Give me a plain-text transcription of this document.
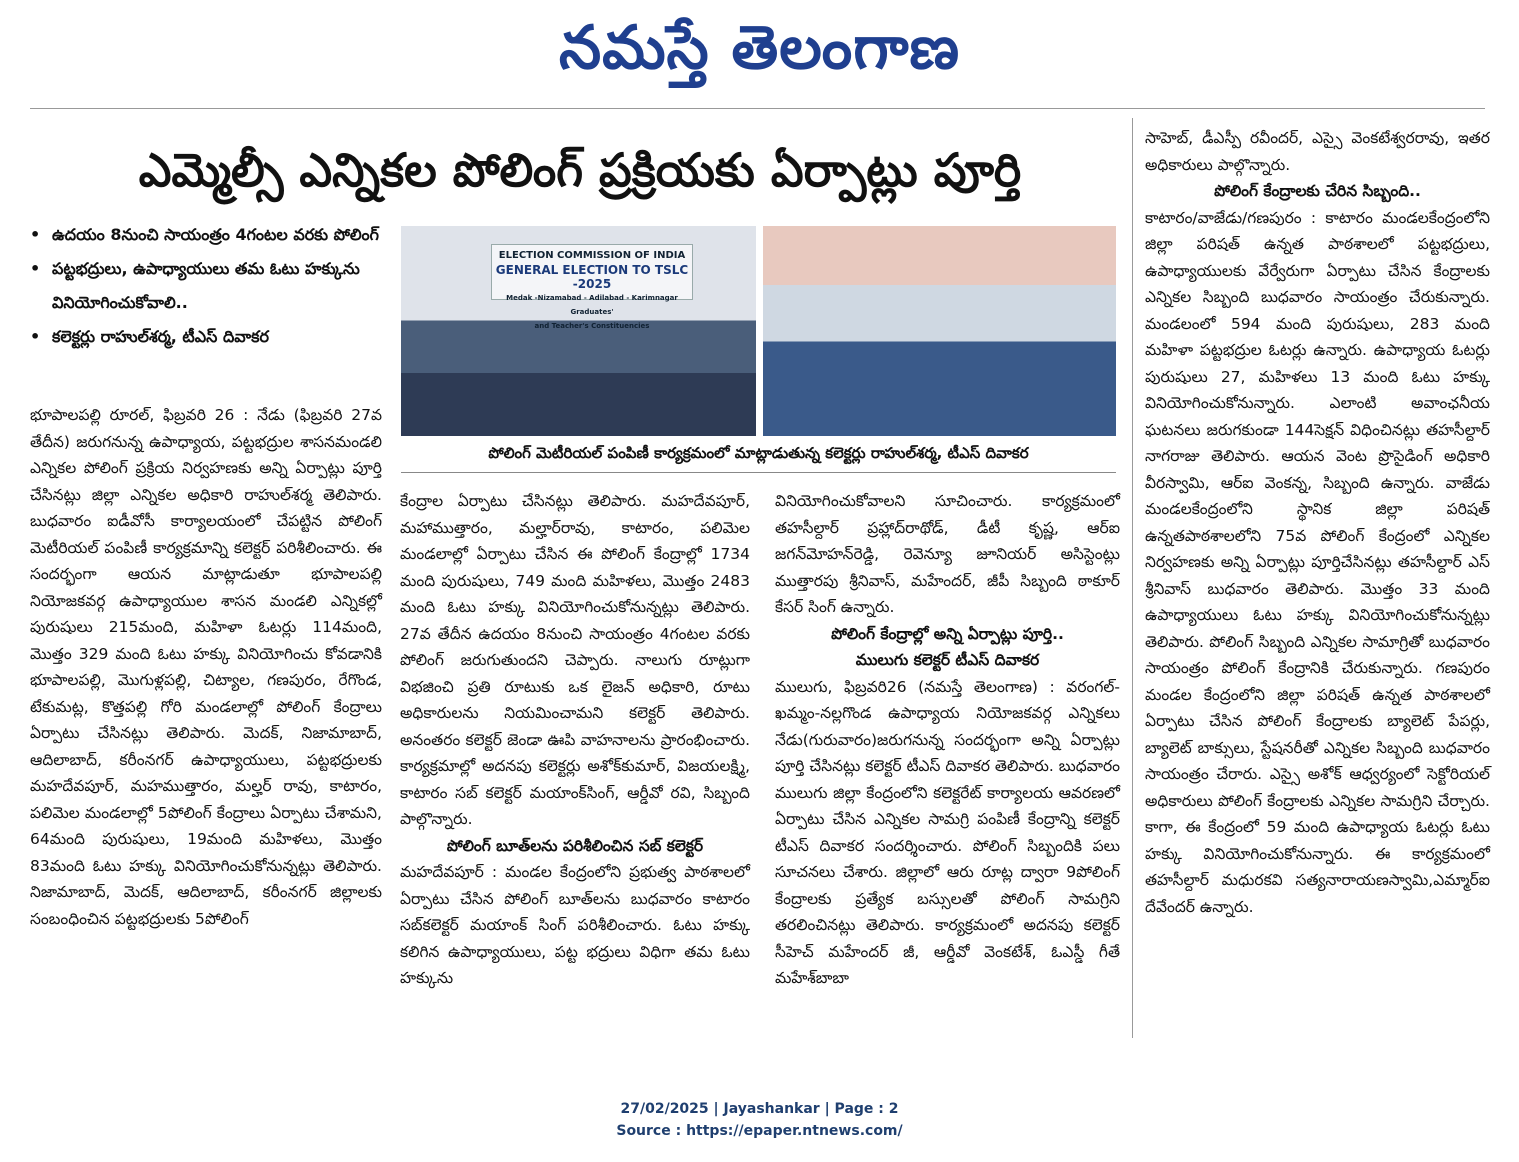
నమస్తే తెలంగాణ
ఎమ్మెల్సీ ఎన్నికల పోలింగ్ ప్రక్రియకు ఏర్పాట్లు పూర్తి
• ఉదయం 8నుంచి సాయంత్రం 4గంటల వరకు పోలింగ్
• పట్టభద్రులు, ఉపాధ్యాయులు తమ ఓటు హక్కును వినియోగించుకోవాలి..
• కలెక్టర్లు రాహుల్‌శర్మ, టీఎస్ దివాకర
ELECTION COMMISSION OF INDIA
GENERAL ELECTION TO TSLC -2025
Medak -Nizamabad - Adilabad - Karimnagar Graduates'
and Teacher's Constituencies
పోలింగ్ మెటీరియల్ పంపిణీ కార్యక్రమంలో మాట్లాడుతున్న కలెక్టర్లు రాహుల్‌శర్మ, టీఎస్ దివాకర
భూపాలపల్లి రూరల్, ఫిబ్రవరి 26 : నేడు (ఫిబ్రవరి 27వ తేదీన) జరుగనున్న ఉపాధ్యాయ, పట్టభద్రుల శాసనమండలి ఎన్నికల పోలింగ్ ప్రక్రియ నిర్వహణకు అన్ని ఏర్పాట్లు పూర్తి చేసినట్లు జిల్లా ఎన్నికల అధికారి రాహుల్‌శర్మ తెలిపారు. బుధవారం ఐడీవోసీ కార్యాలయంలో చేపట్టిన పోలింగ్ మెటీరియల్ పంపిణీ కార్యక్రమాన్ని కలెక్టర్ పరిశీలించారు. ఈ సందర్భంగా ఆయన మాట్లాడుతూ భూపాలపల్లి నియోజకవర్గ ఉపాధ్యాయుల శాసన మండలి ఎన్నికల్లో పురుషులు 215మంది, మహిళా ఓటర్లు 114మంది, మొత్తం 329 మంది ఓటు హక్కు వినియోగించు కోవడానికి భూపాలపల్లి, మొగుళ్లపల్లి, చిట్యాల, గణపురం, రేగొండ, టేకుమట్ల, కొత్తపల్లి గోరి మండలాల్లో పోలింగ్ కేంద్రాలు ఏర్పాటు చేసినట్లు తెలిపారు. మెదక్, నిజామాబాద్, ఆదిలాబాద్, కరీంనగర్ ఉపాధ్యాయులు, పట్టభద్రులకు మహదేవపూర్, మహముత్తారం, మల్హర్ రావు, కాటారం, పలిమెల మండలాల్లో 5పోలింగ్ కేంద్రాలు ఏర్పాటు చేశామని, 64మంది పురుషులు, 19మంది మహిళలు, మొత్తం 83మంది ఓటు హక్కు వినియోగించుకోనున్నట్లు తెలిపారు. నిజామాబాద్, మెదక్, ఆదిలాబాద్, కరీంనగర్ జిల్లాలకు సంబంధించిన పట్టభద్రులకు 5పోలింగ్
కేంద్రాల ఏర్పాటు చేసినట్లు తెలిపారు. మహదేవపూర్, మహాముత్తారం, మల్హార్‌రావు, కాటారం, పలిమెల మండలాల్లో ఏర్పాటు చేసిన ఈ పోలింగ్ కేంద్రాల్లో 1734 మంది పురుషులు, 749 మంది మహిళలు, మొత్తం 2483 మంది ఓటు హక్కు వినియోగించుకోనున్నట్లు తెలిపారు. 27వ తేదీన ఉదయం 8నుంచి సాయంత్రం 4గంటల వరకు పోలింగ్ జరుగుతుందని చెప్పారు. నాలుగు రూట్లుగా విభజించి ప్రతి రూటుకు ఒక లైజన్ అధికారి, రూటు అధికారులను నియమించామని కలెక్టర్ తెలిపారు. అనంతరం కలెక్టర్ జెండా ఊపి వాహనాలను ప్రారంభించారు. కార్యక్రమాల్లో అదనపు కలెక్టర్లు అశోక్‌కుమార్, విజయలక్ష్మి, కాటారం సబ్ కలెక్టర్ మయాంక్‌సింగ్, ఆర్డీవో రవి, సిబ్బంది పాల్గొన్నారు.
పోలింగ్ బూత్‌లను పరిశీలించిన సబ్ కలెక్టర్
మహదేవపూర్ : మండల కేంద్రంలోని ప్రభుత్వ పాఠశాలలో ఏర్పాటు చేసిన పోలింగ్ బూత్‌లను బుధవారం కాటారం సబ్‌కలెక్టర్ మయాంక్ సింగ్ పరిశీలించారు. ఓటు హక్కు కలిగిన ఉపాధ్యాయులు, పట్ట భద్రులు విధిగా తమ ఓటు హక్కును
వినియోగించుకోవాలని సూచించారు. కార్యక్రమంలో తహసీల్దార్ ప్రహ్లాద్‌రాథోడ్, డీటీ కృష్ణ, ఆర్‌ఐ జగన్‌మోహన్‌రెడ్డి, రెవెన్యూ జూనియర్ అసిస్టెంట్లు ముత్తారపు శ్రీనివాస్, మహేందర్, జీపీ సిబ్బంది ఠాకూర్ కేసర్ సింగ్ ఉన్నారు.
పోలింగ్ కేంద్రాల్లో అన్ని ఏర్పాట్లు పూర్తి..
ములుగు కలెక్టర్ టీఎస్ దివాకర
ములుగు, ఫిబ్రవరి26 (నమస్తే తెలంగాణ) : వరంగల్-ఖమ్మం-నల్లగొండ ఉపాధ్యాయ నియోజకవర్గ ఎన్నికలు నేడు(గురువారం)జరుగనున్న సందర్భంగా అన్ని ఏర్పాట్లు పూర్తి చేసినట్లు కలెక్టర్ టీఎస్ దివాకర తెలిపారు. బుధవారం ములుగు జిల్లా కేంద్రంలోని కలెక్టరేట్ కార్యాలయ ఆవరణలో ఏర్పాటు చేసిన ఎన్నికల సామగ్రి పంపిణీ కేంద్రాన్ని కలెక్టర్ టీఎస్ దివాకర సందర్శించారు. పోలింగ్ సిబ్బందికి పలు సూచనలు చేశారు. జిల్లాలో ఆరు రూట్ల ద్వారా 9పోలింగ్ కేంద్రాలకు ప్రత్యేక బస్సులతో పోలింగ్ సామగ్రిని తరలించినట్లు తెలిపారు. కార్యక్రమంలో అదనపు కలెక్టర్ సీహెచ్ మహేందర్ జీ, ఆర్డీవో వెంకటేశ్, ఓఎస్డీ గీతే మహేశ్‌బాబా
సాహెబ్, డీఎస్పీ రవీందర్, ఎస్సై వెంకటేశ్వరరావు, ఇతర అధికారులు పాల్గొన్నారు.
పోలింగ్ కేంద్రాలకు చేరిన సిబ్బంది..
కాటారం/వాజేడు/గణపురం : కాటారం మండలకేంద్రంలోని జిల్లా పరిషత్ ఉన్నత పాఠశాలలో పట్టభద్రులు, ఉపాధ్యాయులకు వేర్వేరుగా ఏర్పాటు చేసిన కేంద్రాలకు ఎన్నికల సిబ్బంది బుధవారం సాయంత్రం చేరుకున్నారు. మండలంలో 594 మంది పురుషులు, 283 మంది మహిళా పట్టభద్రుల ఓటర్లు ఉన్నారు. ఉపాధ్యాయ ఓటర్లు పురుషులు 27, మహిళలు 13 మంది ఓటు హక్కు వినియోగించుకోనున్నారు. ఎలాంటి అవాంఛనీయ ఘటనలు జరుగకుండా 144సెక్షన్ విధించినట్లు తహసీల్దార్ నాగరాజు తెలిపారు. ఆయన వెంట ప్రొసైడింగ్ అధికారి వీరస్వామి, ఆర్‌ఐ వెంకన్న, సిబ్బంది ఉన్నారు. వాజేడు మండలకేంద్రంలోని స్థానిక జిల్లా పరిషత్ ఉన్నతపాఠశాలలోని 75వ పోలింగ్ కేంద్రంలో ఎన్నికల నిర్వహణకు అన్ని ఏర్పాట్లు పూర్తిచేసినట్లు తహసీల్దార్ ఎస్ శ్రీనివాస్ బుధవారం తెలిపారు. మొత్తం 33 మంది ఉపాధ్యాయులు ఓటు హక్కు వినియోగించుకోనున్నట్లు తెలిపారు. పోలింగ్ సిబ్బంది ఎన్నికల సామాగ్రితో బుధవారం సాయంత్రం పోలింగ్ కేంద్రానికి చేరుకున్నారు. గణపురం మండల కేంద్రంలోని జిల్లా పరిషత్ ఉన్నత పాఠశాలలో ఏర్పాటు చేసిన పోలింగ్ కేంద్రాలకు బ్యాలెట్ పేపర్లు, బ్యాలెట్ బాక్సులు, స్టేషనరీతో ఎన్నికల సిబ్బంది బుధవారం సాయంత్రం చేరారు. ఎస్సై అశోక్ ఆధ్వర్యంలో సెక్టోరియల్ అధికారులు పోలింగ్ కేంద్రాలకు ఎన్నికల సామగ్రిని చేర్చారు. కాగా, ఈ కేంద్రంలో 59 మంది ఉపాధ్యాయ ఓటర్లు ఓటు హక్కు వినియోగించుకోనున్నారు. ఈ కార్యక్రమంలో తహసీల్దార్ మధురకవి సత్యనారాయణస్వామి,ఎమ్మార్ఐ దేవేందర్ ఉన్నారు.
27/02/2025 | Jayashankar | Page : 2
Source : https://epaper.ntnews.com/
